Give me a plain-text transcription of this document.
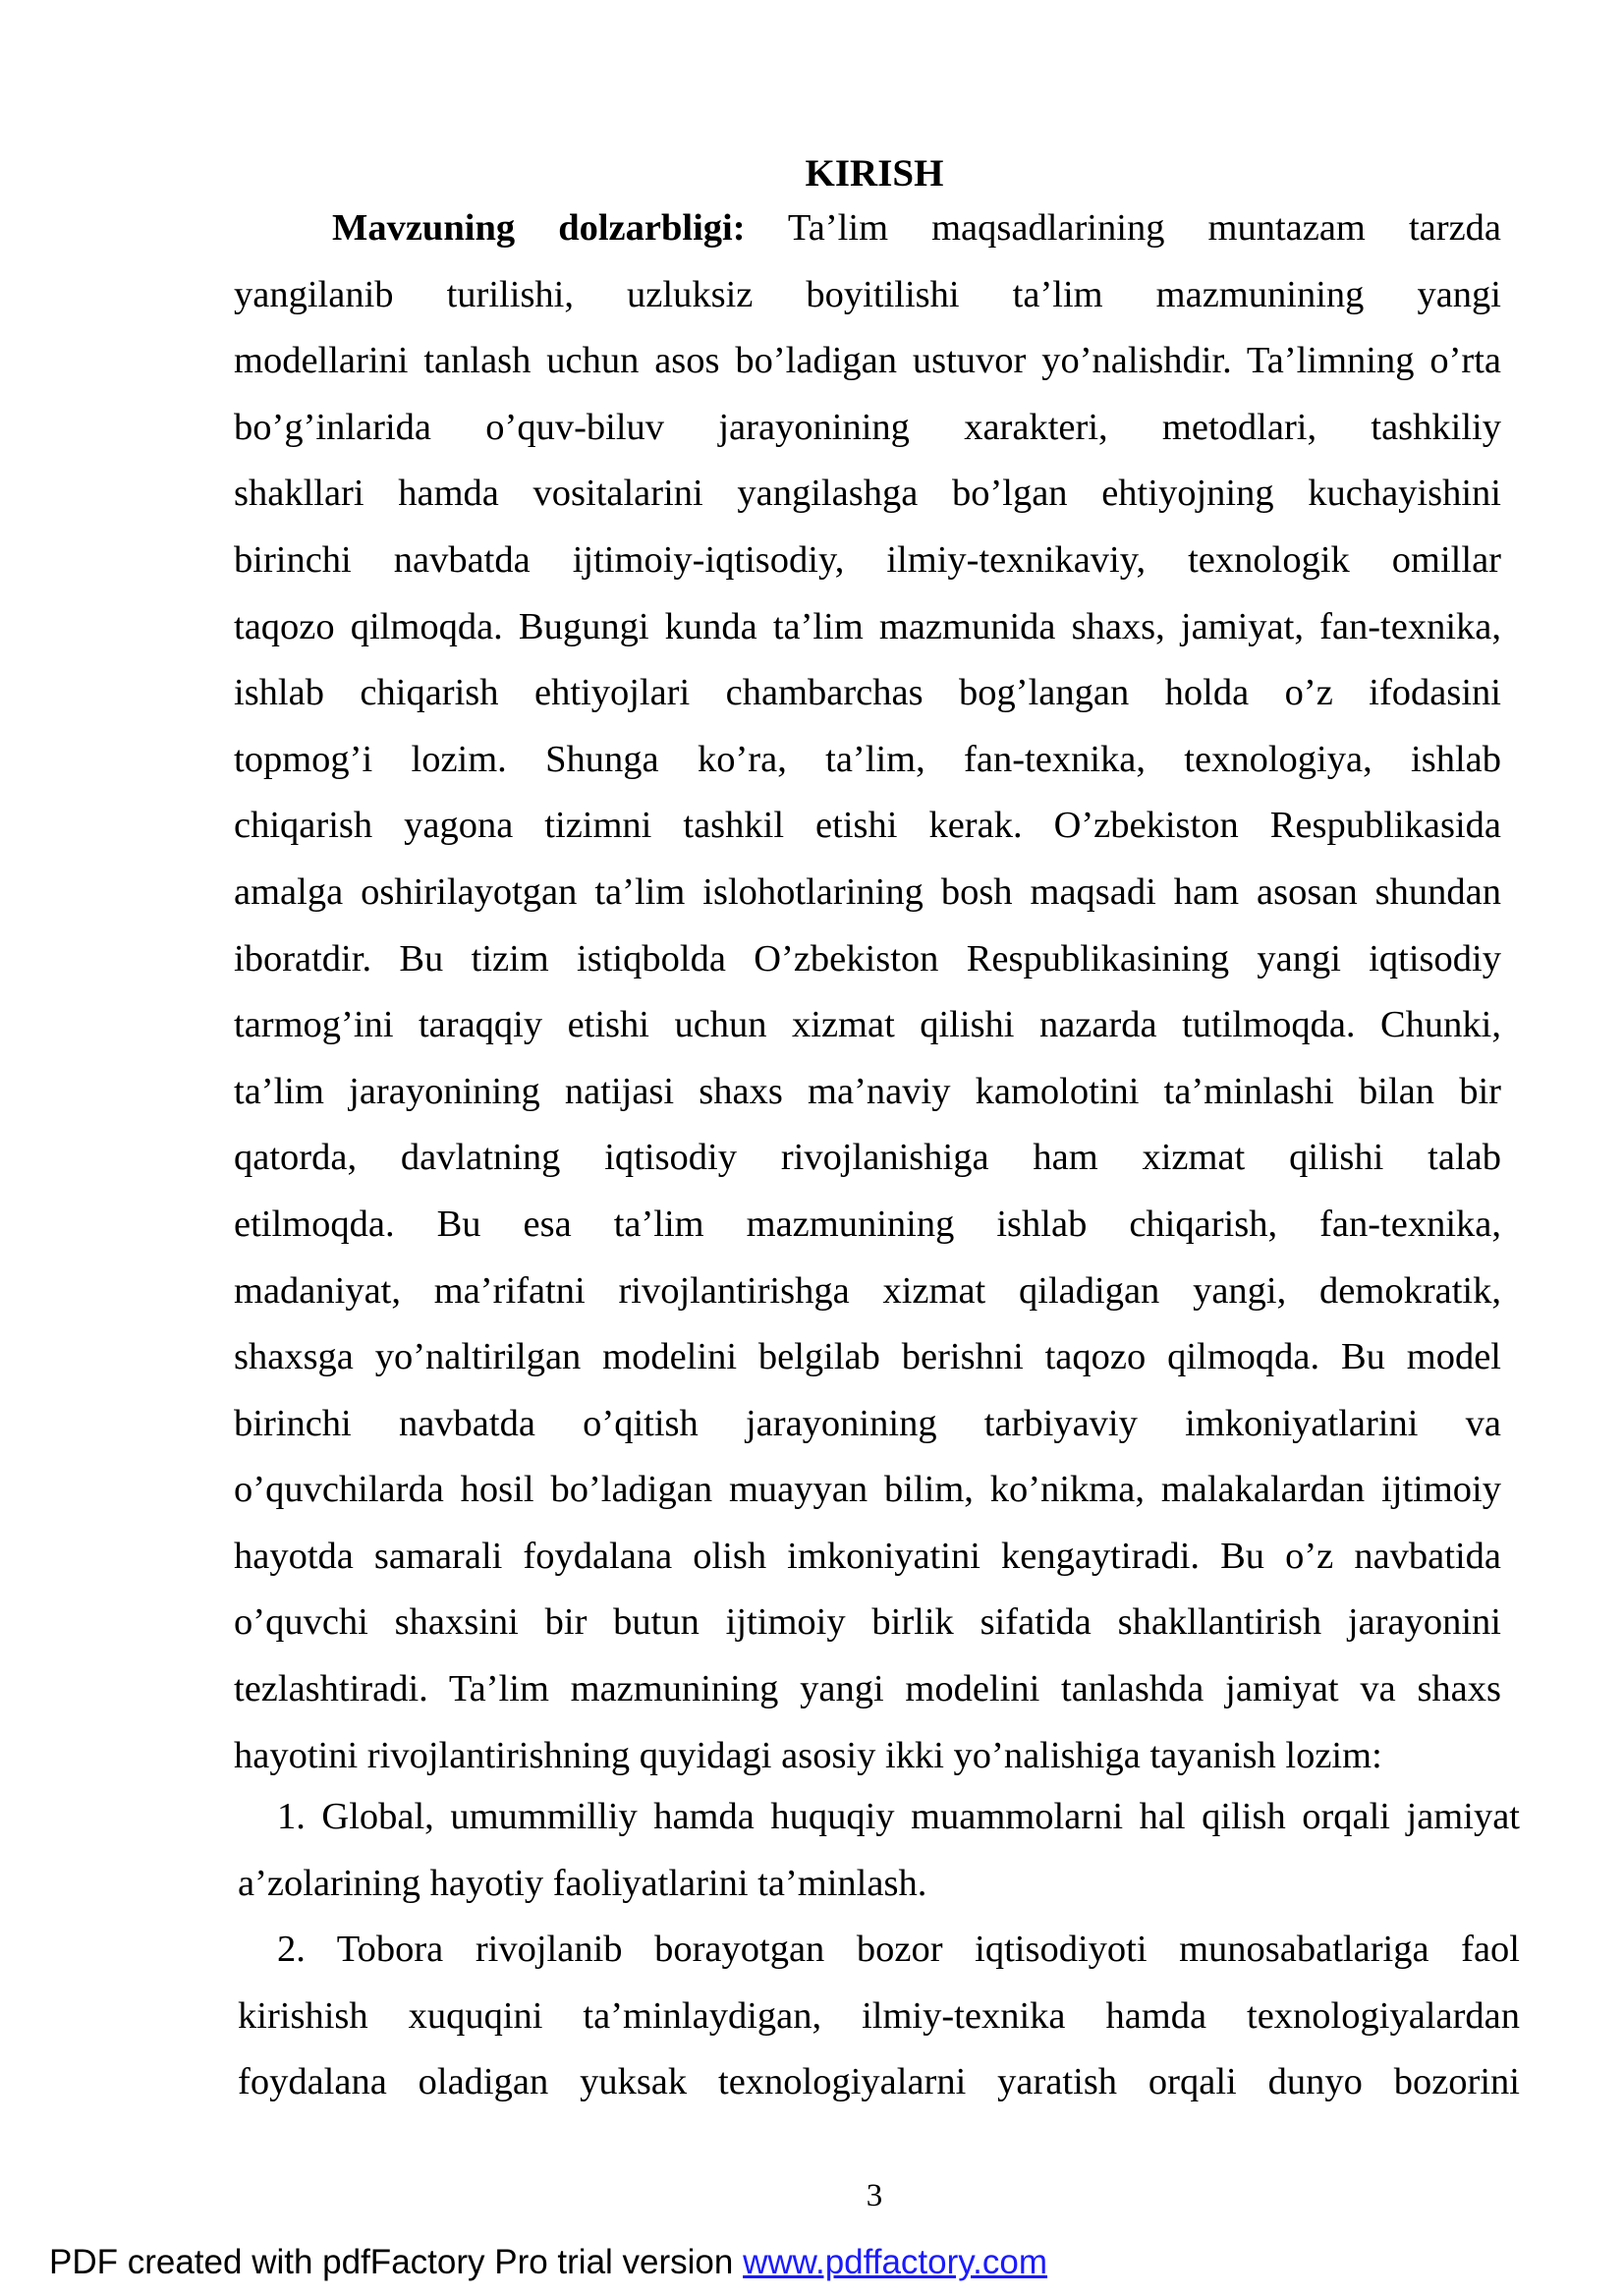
KIRISH
Mavzuning dolzarbligi: Ta’lim maqsadlarining muntazam tarzda
yangilanib turilishi, uzluksiz boyitilishi ta’lim mazmunining yangi
modellarini tanlash uchun asos bo’ladigan ustuvor yo’nalishdir. Ta’limning o’rta
bo’g’inlarida o’quv-biluv jarayonining xarakteri, metodlari, tashkiliy
shakllari hamda vositalarini yangilashga bo’lgan ehtiyojning kuchayishini
birinchi navbatda ijtimoiy-iqtisodiy, ilmiy-texnikaviy, texnologik omillar
taqozo qilmoqda. Bugungi kunda ta’lim mazmunida shaxs, jamiyat, fan-texnika,
ishlab chiqarish ehtiyojlari chambarchas bog’langan holda o’z ifodasini
topmog’i lozim. Shunga ko’ra, ta’lim, fan-texnika, texnologiya, ishlab
chiqarish yagona tizimni tashkil etishi kerak. O’zbekiston Respublikasida
amalga oshirilayotgan ta’lim islohotlarining bosh maqsadi ham asosan shundan
iboratdir. Bu tizim istiqbolda O’zbekiston Respublikasining yangi iqtisodiy
tarmog’ini taraqqiy etishi uchun xizmat qilishi nazarda tutilmoqda. Chunki,
ta’lim jarayonining natijasi shaxs ma’naviy kamolotini ta’minlashi bilan bir
qatorda, davlatning iqtisodiy rivojlanishiga ham xizmat qilishi talab
etilmoqda. Bu esa ta’lim mazmunining ishlab chiqarish, fan-texnika,
madaniyat, ma’rifatni rivojlantirishga xizmat qiladigan yangi, demokratik,
shaxsga yo’naltirilgan modelini belgilab berishni taqozo qilmoqda. Bu model
birinchi navbatda o’qitish jarayonining tarbiyaviy imkoniyatlarini va
o’quvchilarda hosil bo’ladigan muayyan bilim, ko’nikma, malakalardan ijtimoiy
hayotda samarali foydalana olish imkoniyatini kengaytiradi. Bu o’z navbatida
o’quvchi shaxsini bir butun ijtimoiy birlik sifatida shakllantirish jarayonini
tezlashtiradi. Ta’lim mazmunining yangi modelini tanlashda jamiyat va shaxs
hayotini rivojlantirishning quyidagi asosiy ikki yo’nalishiga tayanish lozim:
1. Global, umummilliy hamda huquqiy muammolarni hal qilish orqali jamiyat
a’zolarining hayotiy faoliyatlarini ta’minlash.
2. Tobora rivojlanib borayotgan bozor iqtisodiyoti munosabatlariga faol
kirishish xuquqini ta’minlaydigan, ilmiy-texnika hamda texnologiyalardan
foydalana oladigan yuksak texnologiyalarni yaratish orqali dunyo bozorini
3
PDF created with pdfFactory Pro trial version www.pdffactory.com
